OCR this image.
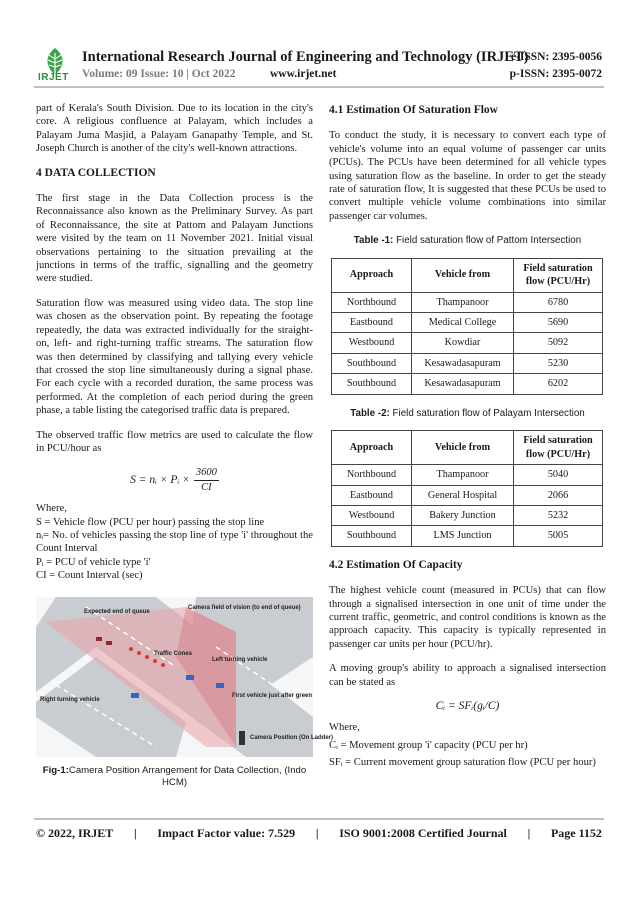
IRJET
International Research Journal of Engineering and Technology (IRJET)
e-ISSN: 2395-0056
Volume: 09 Issue: 10 | Oct 2022	www.irjet.net	p-ISSN: 2395-0072

part of Kerala's South Division. Due to its location in the city's core. A religious confluence at Palayam, which includes a Palayam Juma Masjid, a Palayam Ganapathy Temple, and St. Joseph Church is another of the city's well-known attractions.

4 DATA COLLECTION

The first stage in the Data Collection process is the Reconnaissance also known as the Preliminary Survey. As part of Reconnaissance, the site at Pattom and Palayam Junctions were visited by the team on 11 November 2021. Initial visual observations pertaining to the situation prevailing at the junctions in terms of the traffic, signalling and the geometry were studied.

Saturation flow was measured using video data. The stop line was chosen as the observation point. By repeating the footage repeatedly, the data was extracted individually for the straight-on, left- and right-turning traffic streams. The saturation flow was then determined by classifying and tallying every vehicle that crossed the stop line simultaneously during a signal phase. For each cycle with a recorded duration, the same process was performed. At the completion of each period during the green phase, a table listing the categorised traffic data is prepared.

The observed traffic flow metrics are used to calculate the flow in PCU/hour as

S = nᵢ × Pᵢ × $\frac{3600}{CI}$

Where,

S = Vehicle flow (PCU per hour) passing the stop line

nᵢ= No. of vehicles passing the stop line of type 'i' throughout the Count Interval

Pᵢ = PCU of vehicle type 'i'

CI = Count Interval (sec)

Expected end of queue
Camera field of vision (to end of queue)
Traffic Cones
Left turning vehicle
Right turning vehicle
First vehicle just after green
Camera Position (On Ladder)
Fig-1:Camera Position Arrangement for Data Collection, (Indo HCM)
4.1 Estimation Of Saturation Flow

To conduct the study, it is necessary to convert each type of vehicle's volume into an equal volume of passenger car units (PCUs). The PCUs have been determined for all vehicle types using saturation flow as the baseline. In order to get the steady rate of saturation flow, It is suggested that these PCUs be used to convert multiple vehicle volume combinations into similar passenger car volumes.

Table -1: Field saturation flow of Pattom Intersection
Approach	Vehicle from	Field saturation flow (PCU/Hr)
Northbound	Thampanoor	6780
Eastbound	Medical College	5690
Westbound	Kowdiar	5092
Southbound	Kesawadasapuram	5230
Southbound	Kesawadasapuram	6202
Table -2: Field saturation flow of Palayam Intersection
Approach	Vehicle from	Field saturation flow (PCU/Hr)
Northbound	Thampanoor	5040
Eastbound	General Hospital	2066
Westbound	Bakery Junction	5232
Southbound	LMS Junction	5005
4.2 Estimation Of Capacity

The highest vehicle count (measured in PCUs) that can flow through a signalised intersection in one unit of time under the current traffic, geometric, and control conditions is known as the approach capacity. This capacity is typically represented in passenger car units per hour (PCU/hr).

A moving group's ability to approach a signalised intersection can be stated as

Cᵢ = SFᵢ(gᵢ/C)

Where,

Cᵢ = Movement group 'i' capacity (PCU per hr)

SFᵢ = Current movement group saturation flow (PCU per hour)

© 2022, IRJET | Impact Factor value: 7.529 | ISO 9001:2008 Certified Journal | Page 1152
